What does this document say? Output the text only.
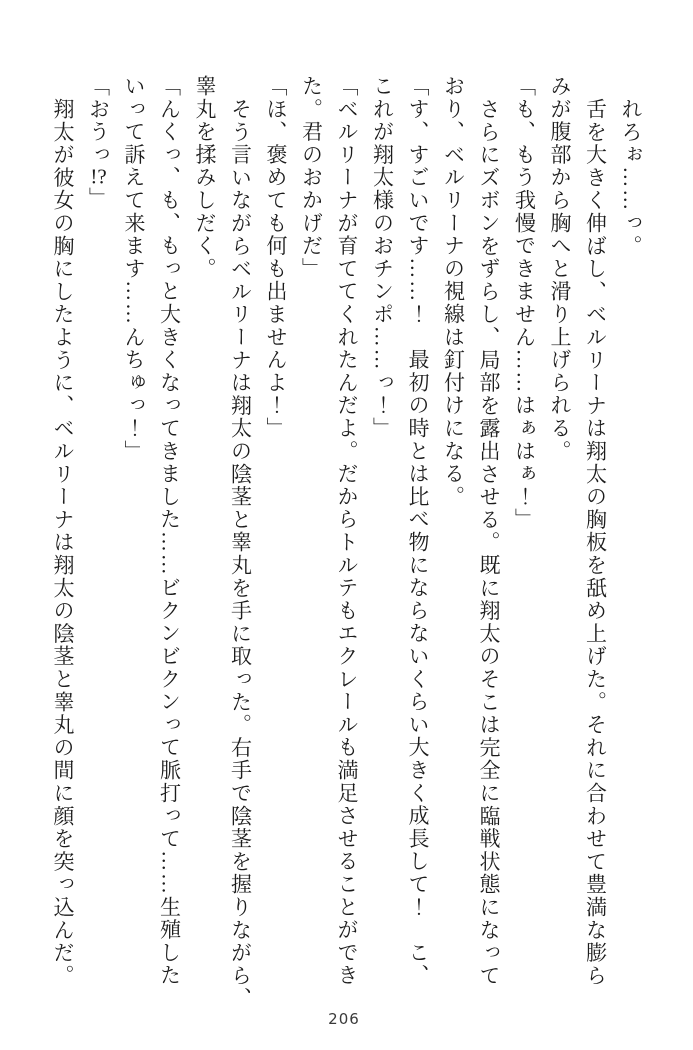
れろぉ……っ。

舌を大きく伸ばし、ベルリーナは翔太の胸板を舐め上げた。それに合わせて豊満な膨ら

みが腹部から胸へと滑り上げられる。

「も、もう我慢できません……はぁはぁ！」

さらにズボンをずらし、局部を露出させる。既に翔太のそこは完全に臨戦状態になって

おり、ベルリーナの視線は釘付けになる。

「す、すごいです……！　最初の時とは比べ物にならないくらい大きく成長して！　こ、

これが翔太様のおチンポ……っ！」

「ベルリーナが育ててくれたんだよ。だからトルテもエクレールも満足させることができ

た。君のおかげだ」

「ほ、褒めても何も出ませんよ！」

そう言いながらベルリーナは翔太の陰茎と睾丸を手に取った。右手で陰茎を握りながら、

睾丸を揉みしだく。

「んくっ、も、もっと大きくなってきました……ビクンビクンって脈打って……生殖した

いって訴えて来ます……んちゅっ！」

「おうっ!?」

翔太が彼女の胸にしたように、ベルリーナは翔太の陰茎と睾丸の間に顔を突っ込んだ。

206
